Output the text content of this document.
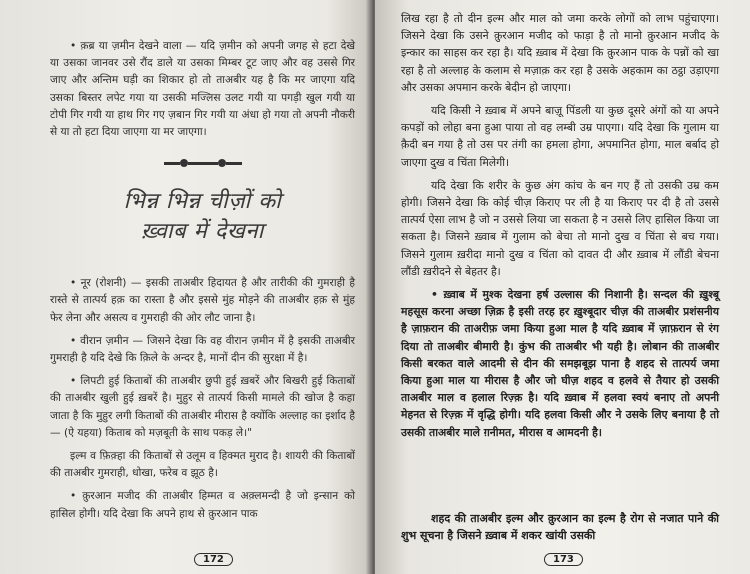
• क़ब्र या ज़मीन देखने वाला — यदि ज़मीन को अपनी जगह से हटा देखे या उसका जानवर उसे रौंद डाले या उसका मिम्बर टूट जाए और वह उससे गिर जाए और अन्तिम घड़ी का शिकार हो तो ताअबीर यह है कि मर जाएगा यदि उसका बिस्तर लपेट गया या उसकी मज्लिस उलट गयी या पगड़ी खुल गयी या टोपी गिर गयी या हाथ गिर गए ज़बान गिर गयी या अंधा हो गया तो अपनी नौकरी से या तो हटा दिया जाएगा या मर जाएगा।

भिन्न भिन्न चीज़ों को
ख़्वाब में देखना

• नूर (रोशनी) — इसकी ताअबीर हिदायत है और तारीकी की गुमराही है रास्ते से तात्पर्य हक़ का रास्ता है और इससे मुंह मोड़ने की ताअबीर हक़ से मुंह फेर लेना और असत्य व गुमराही की ओर लौट जाना है।

• वीरान ज़मीन — जिसने देखा कि वह वीरान ज़मीन में है इसकी ताअबीर गुमराही है यदि देखे कि क़िले के अन्दर है, मानों दीन की सुरक्षा में है।

• लिपटी हुई किताबों की ताअबीर छुपी हुई ख़बरें और बिखरी हुई किताबों की ताअबीर खुली हुई ख़बरें है। मुहुर से तात्पर्य किसी मामले की खोज है कहा जाता है कि मुहुर लगी किताबों की ताअबीर मीरास है क्योंकि अल्लाह का इर्शाद है— (ऐ यहया) किताब को मज़बूती के साथ पकड़ ले।"

इल्म व फ़िक़्हा की किताबों से उलूम व हिक्मत मुराद है। शायरी की किताबों की ताअबीर गुमराही, धोखा, फरेब व झूठ है।

• क़ुरआन मजीद की ताअबीर हिम्मत व अक़्लमन्दी है जो इन्सान को हासिल होगी। यदि देखा कि अपने हाथ से क़ुरआन पाक

172

लिख रहा है तो दीन इल्म और माल को जमा करके लोगों को लाभ पहुंचाएगा। जिसने देखा कि उसने क़ुरआन मजीद को फाड़ा है तो मानो क़ुरआन मजीद के इन्कार का साहस कर रहा है। यदि ख़्वाब में देखा कि क़ुरआन पाक के पन्नों को खा रहा है तो अल्लाह के कलाम से मज़ाक़ कर रहा है उसके अहकाम का ठट्ठा उड़ाएगा और उसका अपमान करके बेदीन हो जाएगा।

यदि किसी ने ख़्वाब में अपने बाज़ू पिंडली या कुछ दूसरे अंगों को या अपने कपड़ों को लोहा बना हुआ पाया तो वह लम्बी उम्र पाएगा। यदि देखा कि गुलाम या क़ैदी बन गया है तो उस पर तंगी का हमला होगा, अपमानित होगा, माल बर्बाद हो जाएगा दुख व चिंता मिलेगी।

यदि देखा कि शरीर के कुछ अंग कांच के बन गए हैं तो उसकी उम्र कम होगी। जिसने देखा कि कोई चीज़ किराए पर ली है या किराए पर दी है तो उससे तात्पर्य ऐसा लाभ है जो न उससे लिया जा सकता है न उससे लिए हासिल किया जा सकता है। जिसने ख़्वाब में गुलाम को बेचा तो मानो दुख व चिंता से बच गया। जिसने गुलाम ख़रीदा मानो दुख व चिंता को दावत दी और ख़्वाब में लौंडी बेचना लौंडी ख़रीदने से बेहतर है।

• ख़्वाब में मुश्क देखना हर्ष उल्लास की निशानी है। सन्दल की ख़ुश्बू महसूस करना अच्छा ज़िक्र है इसी तरह हर ख़ुश्बूदार चीज़ की ताअबीर प्रशंसनीय है ज़ाफ़रान की ताअरीफ़ जमा किया हुआ माल है यदि ख़्वाब में ज़ाफ़रान से रंग दिया तो ताअबीर बीमारी है। कुंभ की ताअबीर भी यही है। लोबान की ताअबीर किसी बरकत वाले आदमी से दीन की समझबूझ पाना है शहद से तात्पर्य जमा किया हुआ माल या मीरास है और जो घीज़ शहद व हलवे से तैयार हो उसकी ताअबीर माल व हलाल रिज़्क़ है। यदि ख़्वाब में हलवा स्वयं बनाए तो अपनी मेहनत से रिज़्क़ में वृद्धि होगी। यदि हलवा किसी और ने उसके लिए बनाया है तो उसकी ताअबीर माले ग़नीमत, मीरास व आमदनी है।

शहद की ताअबीर इल्म और क़ुरआन का इल्म है रोग से नजात पाने की शुभ सूचना है जिसने ख़्वाब में शकर खांयी उसकी

173
